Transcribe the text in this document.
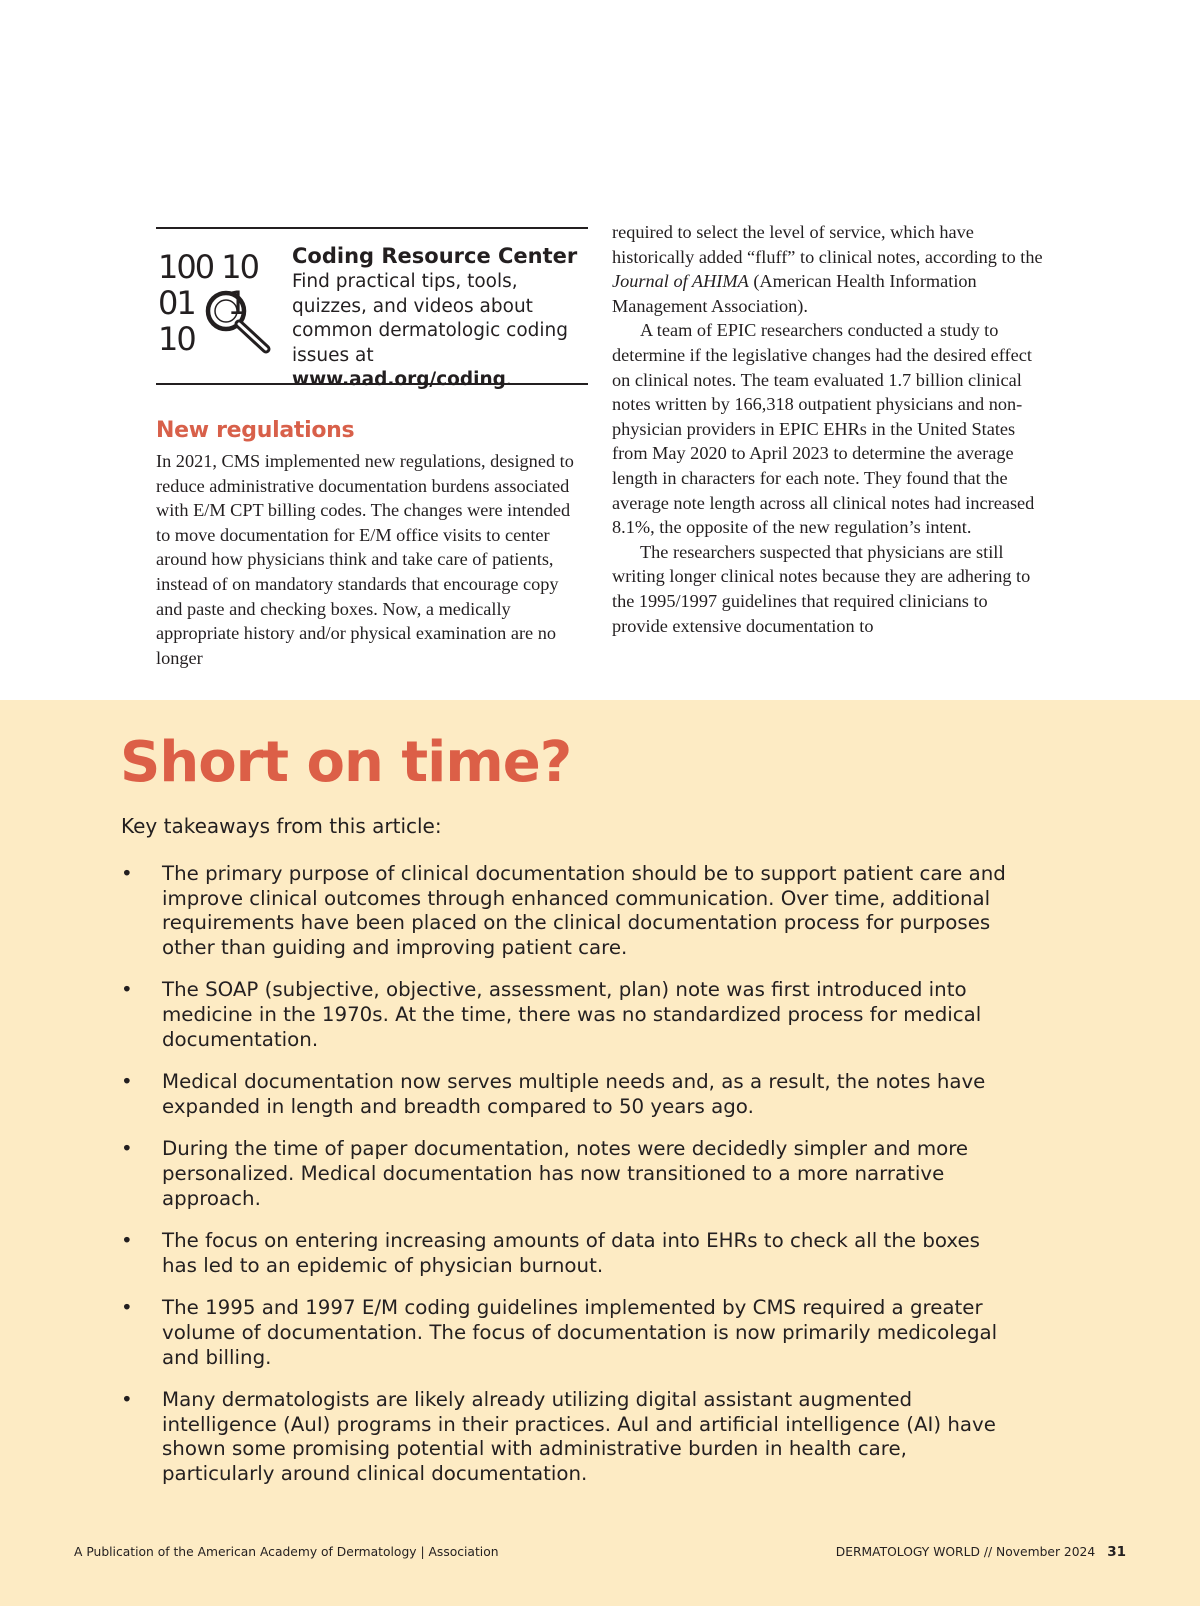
100 10
01 1
10
Coding Resource Center
Find practical tips, tools, quizzes, and videos about common dermatologic coding issues at www.aad.org/coding.
New regulations

In 2021, CMS implemented new regulations, designed to reduce administrative documentation burdens associated with E/M CPT billing codes. The changes were intended to move documentation for E/M office visits to center around how physicians think and take care of patients, instead of on mandatory standards that encourage copy and paste and checking boxes. Now, a medically appropriate history and/or physical examination are no longer

required to select the level of service, which have historically added “fluff” to clinical notes, according to the Journal of AHIMA (American Health Information Management Association).

A team of EPIC researchers conducted a study to determine if the legislative changes had the desired effect on clinical notes. The team evaluated 1.7 billion clinical notes written by 166,318 outpatient physicians and non-physician providers in EPIC EHRs in the United States from May 2020 to April 2023 to determine the average length in characters for each note. They found that the average note length across all clinical notes had increased 8.1%, the opposite of the new regulation’s intent.

The researchers suspected that physicians are still writing longer clinical notes because they are adhering to the 1995/1997 guidelines that required clinicians to provide extensive documentation to

Short on time?
Key takeaways from this article:
• The primary purpose of clinical documentation should be to support patient care and improve clinical outcomes through enhanced communication. Over time, additional requirements have been placed on the clinical documentation process for purposes other than guiding and improving patient care.
• The SOAP (subjective, objective, assessment, plan) note was first introduced into medicine in the 1970s. At the time, there was no standardized process for medical documentation.
• Medical documentation now serves multiple needs and, as a result, the notes have expanded in length and breadth compared to 50 years ago.
• During the time of paper documentation, notes were decidedly simpler and more personalized. Medical documentation has now transitioned to a more narrative approach.
• The focus on entering increasing amounts of data into EHRs to check all the boxes has led to an epidemic of physician burnout.
• The 1995 and 1997 E/M coding guidelines implemented by CMS required a greater volume of documentation. The focus of documentation is now primarily medicolegal and billing.
• Many dermatologists are likely already utilizing digital assistant augmented intelligence (AuI) programs in their practices. AuI and artificial intelligence (AI) have shown some promising potential with administrative burden in health care, particularly around clinical documentation.
A Publication of the American Academy of Dermatology | Association	DERMATOLOGY WORLD // November 2024 31
